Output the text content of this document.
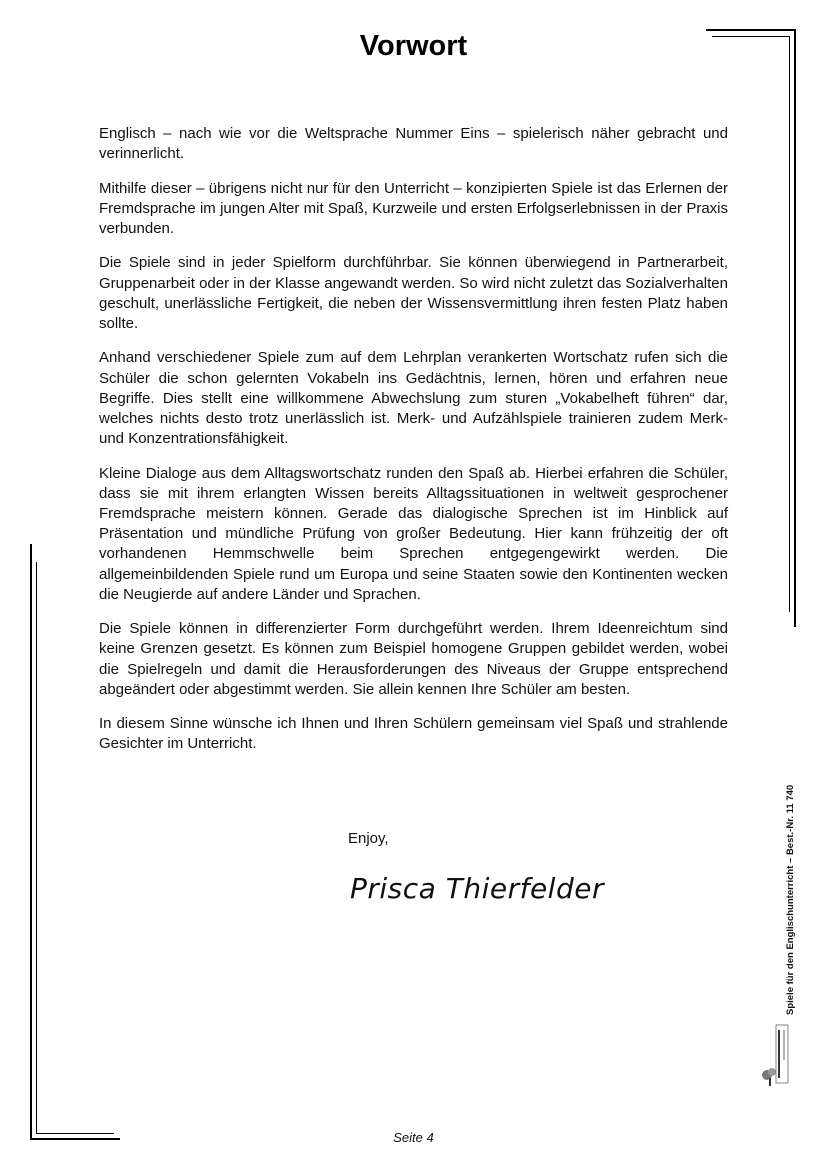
Vorwort

Englisch – nach wie vor die Weltsprache Nummer Eins – spielerisch näher gebracht und verinnerlicht.

Mithilfe dieser – übrigens nicht nur für den Unterricht – konzipierten Spiele ist das Erlernen der Fremdsprache im jungen Alter mit Spaß, Kurzweile und ersten Erfolgserlebnissen in der Praxis verbunden.

Die Spiele sind in jeder Spielform durchführbar. Sie können überwiegend in Partnerarbeit, Gruppenarbeit oder in der Klasse angewandt werden. So wird nicht zuletzt das Sozialverhalten geschult, unerlässliche Fertigkeit, die neben der Wissensvermittlung ihren festen Platz haben sollte.

Anhand verschiedener Spiele zum auf dem Lehrplan verankerten Wortschatz rufen sich die Schüler die schon gelernten Vokabeln ins Gedächtnis, lernen, hören und erfahren neue Begriffe. Dies stellt eine willkommene Abwechslung zum sturen „Vokabelheft führen“ dar, welches nichts desto trotz unerlässlich ist. Merk- und Aufzählspiele trainieren zudem Merk- und Konzentrationsfähigkeit.

Kleine Dialoge aus dem Alltagswortschatz runden den Spaß ab. Hierbei erfahren die Schüler, dass sie mit ihrem erlangten Wissen bereits Alltagssituationen in weltweit gesprochener Fremdsprache meistern können. Gerade das dialogische Sprechen ist im Hinblick auf Präsentation und mündliche Prüfung von großer Bedeutung. Hier kann frühzeitig der oft vorhandenen Hemmschwelle beim Sprechen entgegengewirkt werden. Die allgemeinbildenden Spiele rund um Europa und seine Staaten sowie den Kontinenten wecken die Neugierde auf andere Länder und Sprachen.

Die Spiele können in differenzierter Form durchgeführt werden. Ihrem Ideenreichtum sind keine Grenzen gesetzt. Es können zum Beispiel homogene Gruppen gebildet werden, wobei die Spielregeln und damit die Herausforderungen des Niveaus der Gruppe entsprechend abgeändert oder abgestimmt werden. Sie allein kennen Ihre Schüler am besten.

In diesem Sinne wünsche ich Ihnen und Ihren Schülern gemeinsam viel Spaß und strahlende Gesichter im Unterricht.

Enjoy,
Prisca Thierfelder	Spiele für den Englischunterricht – Best.-Nr. 11 740
Seite 4
